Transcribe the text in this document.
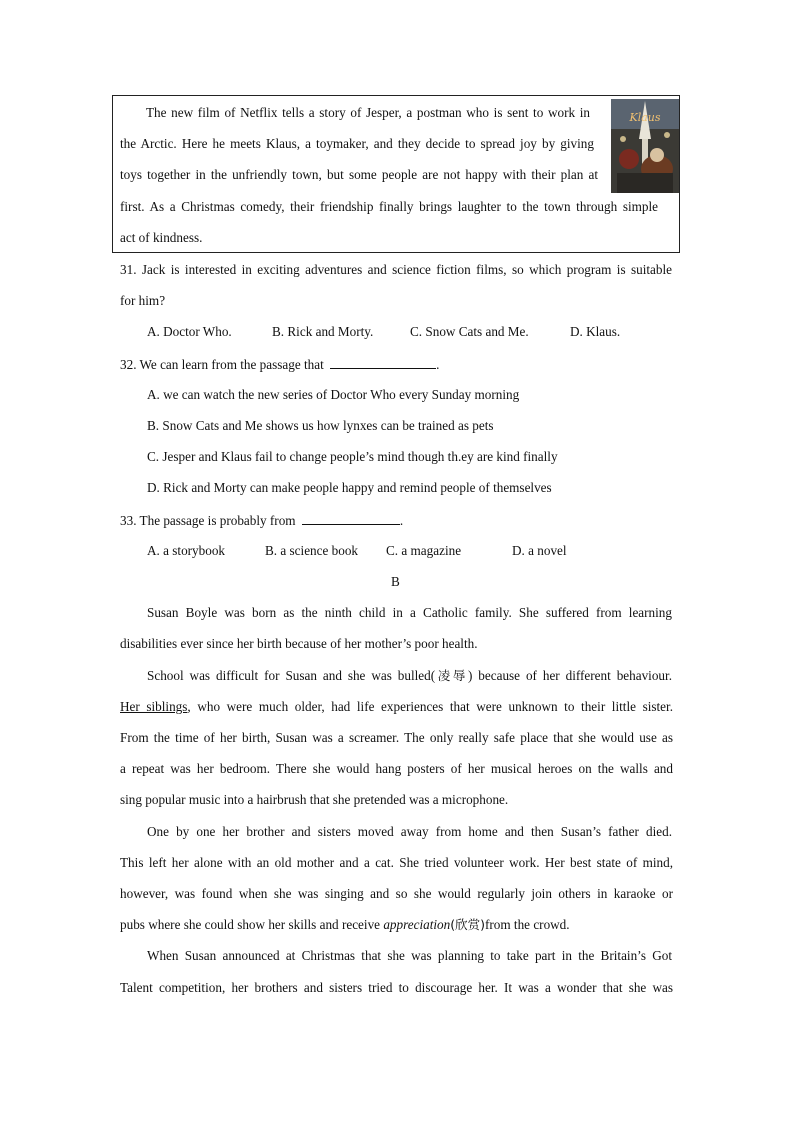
The new film of Netflix tells a story of Jesper, a postman who is sent to work in
the Arctic. Here he meets Klaus, a toymaker, and they decide to spread joy by giving
toys together in the unfriendly town, but some people are not happy with their plan at
first. As a Christmas comedy, their friendship finally brings laughter to the town through simple
act of kindness.
Klaus
31. Jack is interested in exciting adventures and science fiction films, so which program is suitable
for him?
A. Doctor Who.	B. Rick and Morty.	C. Snow Cats and Me.	D. Klaus.
32. We can learn from the passage that	.
A. we can watch the new series of Doctor Who every Sunday morning
B. Snow Cats and Me shows us how lynxes can be trained as pets
C. Jesper and Klaus fail to change people’s mind though th.ey are kind finally
D. Rick and Morty can make people happy and remind people of themselves
33. The passage is probably from	.
A. a storybook	B. a science book C. a magazine	D. a novel
B
Susan Boyle was born as the ninth child in a Catholic family. She suffered from learning
disabilities ever since her birth because of her mother’s poor health.
School was difficult for Susan and she was bulled(凌辱) because of her different behaviour.
Her siblings, who were much older, had life experiences that were unknown to their little sister.
From the time of her birth, Susan was a screamer. The only really safe place that she would use as
a repeat was her bedroom. There she would hang posters of her musical heroes on the walls and
sing popular music into a hairbrush that she pretended was a microphone.
One by one her brother and sisters moved away from home and then Susan’s father died.
This left her alone with an old mother and a cat. She tried volunteer work. Her best state of mind,
however, was found when she was singing and so she would regularly join others in karaoke or
pubs where she could show her skills and receive appreciation(欣赏)from the crowd.
When Susan announced at Christmas that she was planning to take part in the Britain’s Got
Talent competition, her brothers and sisters tried to discourage her. It was a wonder that she was
